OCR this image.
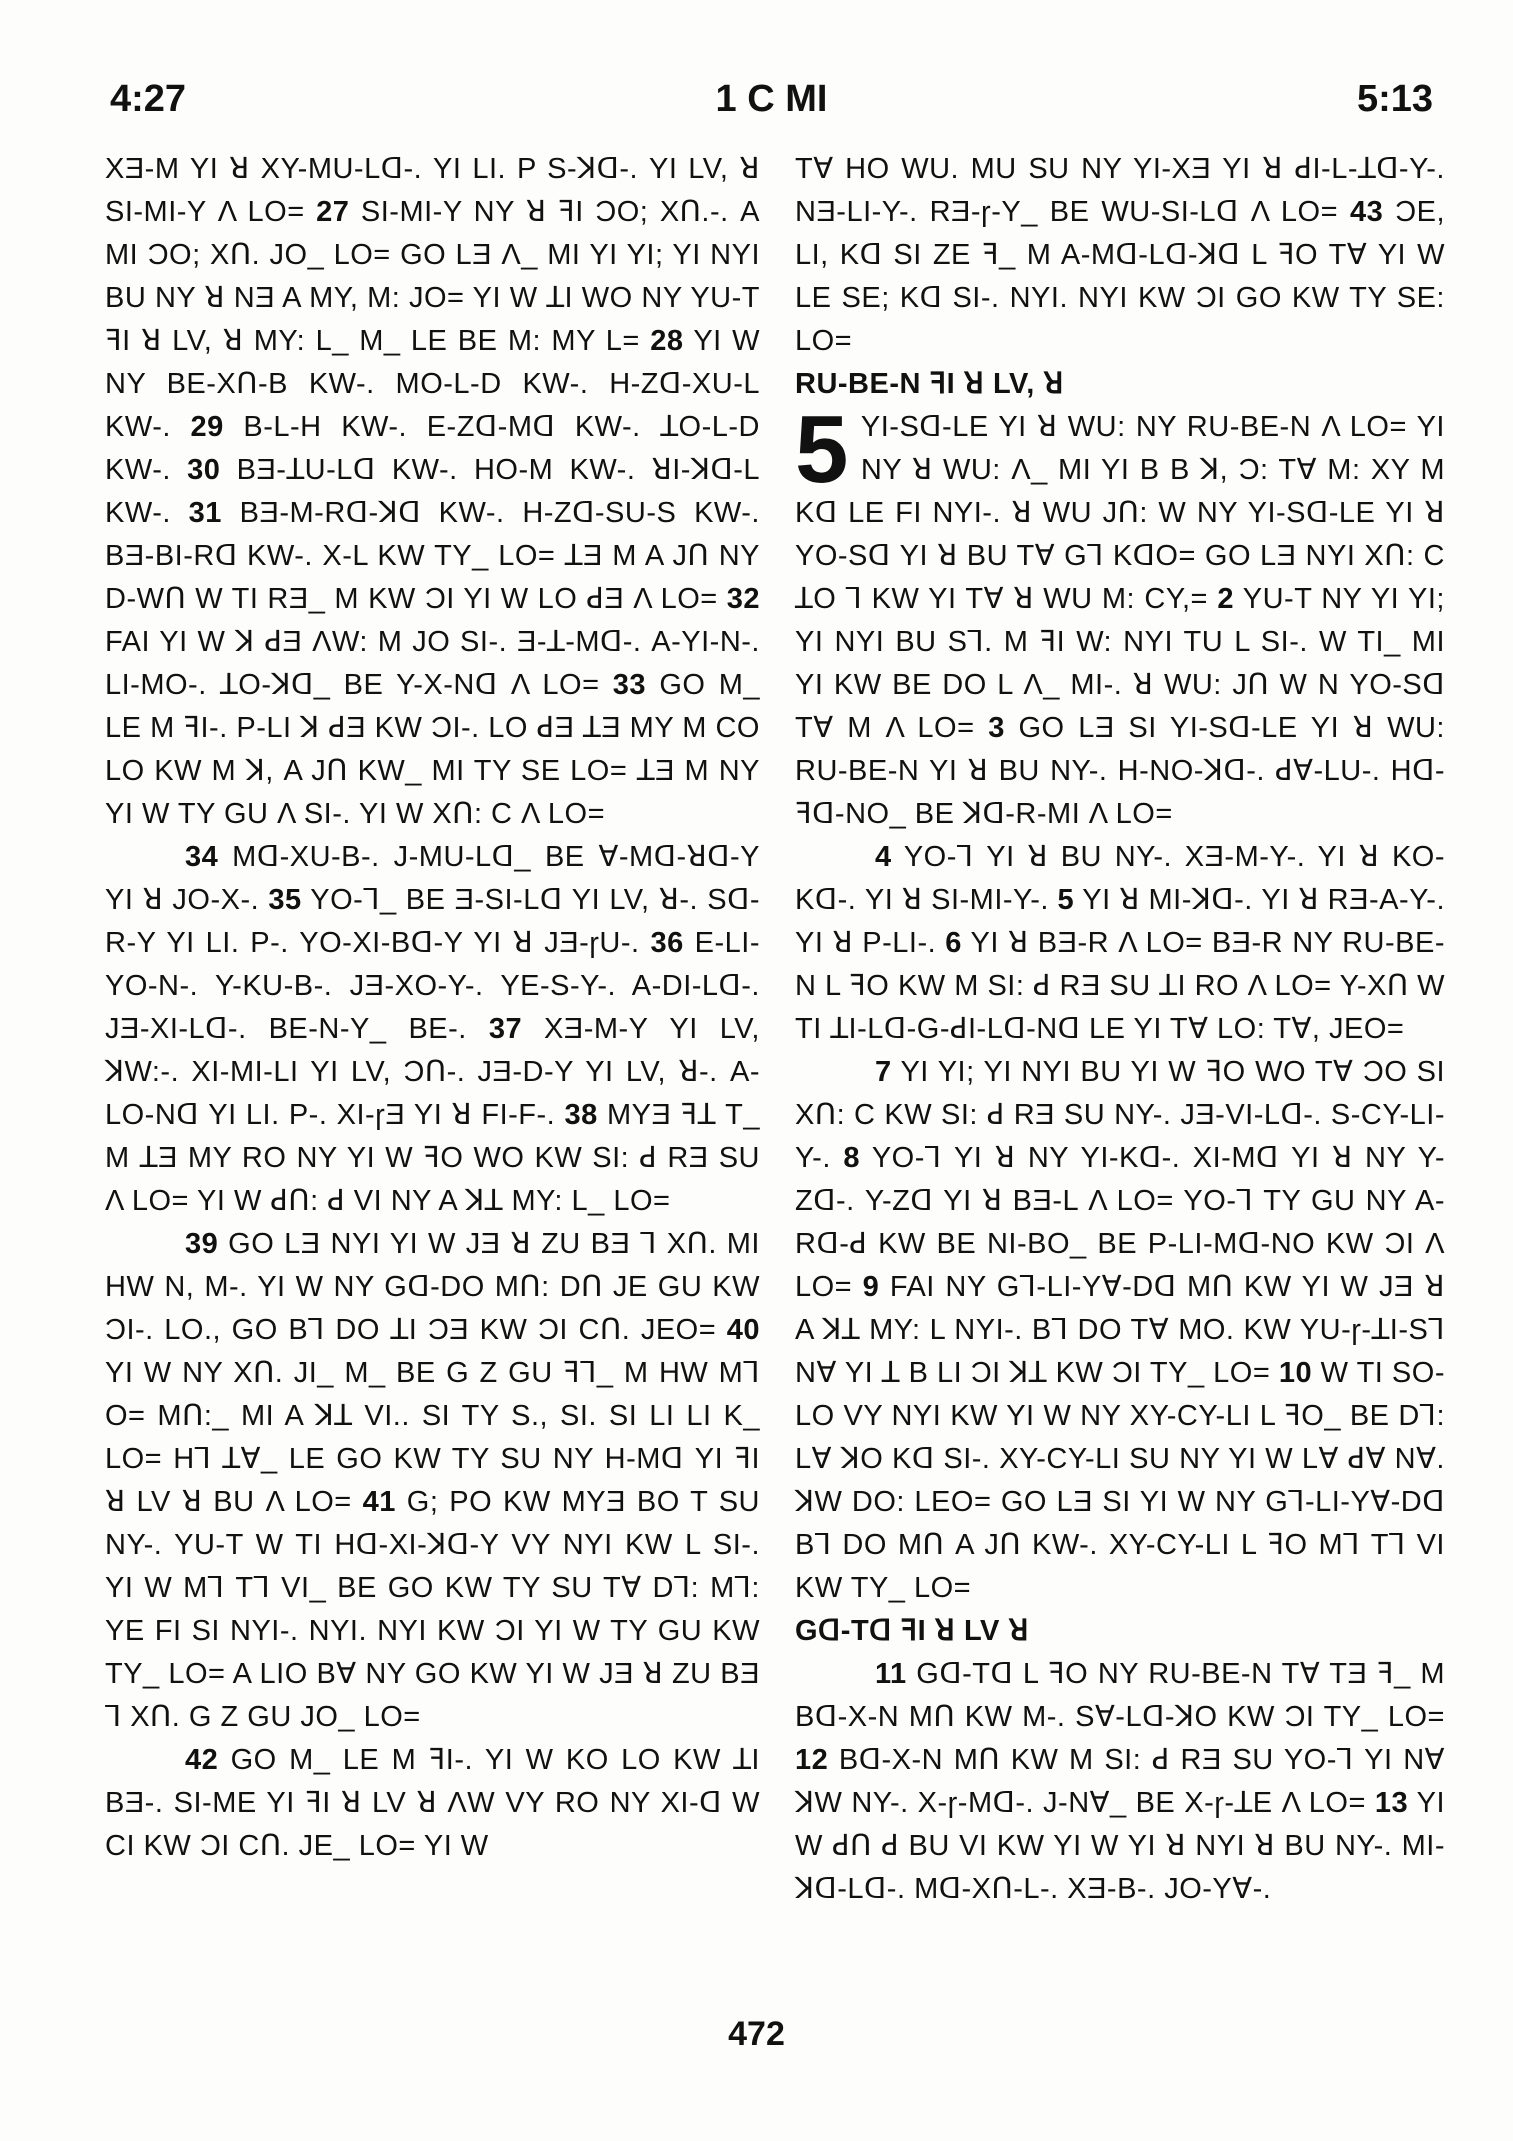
4:27	1 C MI	5:13

XƎ-M YI ꓤ XY-MU-Lꓷ-. YI LI. P S-ꓘꓷ-. YI LV, ꓤ SI-MI-Y Λ LO= 27 SI-MI-Y NY ꓤ ꟻI ƆO; XՈ.-. A MI ƆO; XՈ. JO_ LO= GO LƎ Λ_ MI YI YI; YI NYI BU NY ꓤ NƎ A MY, M: JO= YI W ꓕI WO NY YU-T ꟻI ꓤ LV, ꓤ MY: L_ M_ LE BE M: MY L= 28 YI W NY BE-XՈ-B KW-. MO-L-D KW-. H-Zꓷ-XU-L KW-. 29 B-L-H KW-. E-Zꓷ-Mꓷ KW-. ꓕO-L-D KW-. 30 BƎ-ꓕU-Lꓷ KW-. HO-M KW-. ꓤI-ꓘꓷ-L KW-. 31 BƎ-M-Rꓷ-ꓘꓷ KW-. H-Zꓷ-SU-S KW-. BƎ-BI-Rꓷ KW-. X-L KW TY_ LO= ꓕƎ M A JՈ NY D-WՈ W TI RƎ_ M KW ƆI YI W LO ꓒƎ Λ LO= 32 FAI YI W ꓘ ꓒƎ ΛW: M JO SI-. Ǝ-ꓕ-Mꓷ-. A-YI-N-. LI-MO-. ꓕO-ꓘꓷ_ BE Y-X-Nꓷ Λ LO= 33 GO M_ LE M ꟻI-. P-LI ꓘ ꓒƎ KW ƆI-. LO ꓒƎ ꓕƎ MY M CO LO KW M ꓘ, A JՈ KW_ MI TY SE LO= ꓕƎ M NY YI W TY GU Λ SI-. YI W XՈ: C Λ LO=

34 Mꓷ-XU-B-. J-MU-Lꓷ_ BE ∀-Mꓷ-ꓤꓷ-Y YI ꓤ JO-X-. 35 YO-ꓶ_ BE Ǝ-SI-Lꓷ YI LV, ꓤ-. Sꓷ-R-Y YI LI. P-. YO-XI-Bꓷ-Y YI ꓤ JƎ-ɼU-. 36 E-LI-YO-N-. Y-KU-B-. JƎ-XO-Y-. YE-S-Y-. A-DI-Lꓷ-. JƎ-XI-Lꓷ-. BE-N-Y_ BE-. 37 XƎ-M-Y YI LV, ꓘW:-. XI-MI-LI YI LV, ƆՈ-. JƎ-D-Y YI LV, ꓤ-. A-LO-Nꓷ YI LI. P-. XI-ɼƎ YI ꓤ FI-F-. 38 MYƎ ꟻꓕ T_ M ꓕƎ MY RO NY YI W ꟻO WO KW SI: ꓒ RƎ SU Λ LO= YI W ꓒՈ: ꓒ VI NY A ꓘꓕ MY: L_ LO=

39 GO LƎ NYI YI W JƎ ꓤ ZU BƎ ꓶ XՈ. MI HW N, M-. YI W NY Gꓷ-DO MՈ: DՈ JE GU KW ƆI-. LO., GO Bꓶ DO ꓕI ƆƎ KW ƆI CՈ. JEO= 40 YI W NY XՈ. JI_ M_ BE G Z GU ꟻꓶ_ M HW Mꓶ O= MՈ:_ MI A ꓘꓕ VI.. SI TY S., SI. SI LI LI K_ LO= Hꓶ ꓕ∀_ LE GO KW TY SU NY H-Mꓷ YI ꟻI ꓤ LV ꓤ BU Λ LO= 41 G; PO KW MYƎ BO T SU NY-. YU-T W TI Hꓷ-XI-ꓘꓷ-Y VY NYI KW L SI-. YI W Mꓶ Tꓶ VI_ BE GO KW TY SU T∀ Dꓶ: Mꓶ: YE FI SI NYI-. NYI. NYI KW ƆI YI W TY GU KW TY_ LO= A LIO B∀ NY GO KW YI W JƎ ꓤ ZU BƎ ꓶ XՈ. G Z GU JO_ LO=

42 GO M_ LE M ꟻI-. YI W KO LO KW ꓕI BƎ-. SI-ME YI ꟻI ꓤ LV ꓤ ΛW VY RO NY XI-ꓷ W CI KW ƆI CՈ. JE_ LO= YI W

T∀ HO WU. MU SU NY YI-XƎ YI ꓤ ꓒI-L-ꓕꓷ-Y-. NƎ-LI-Y-. RƎ-ɼ-Y_ BE WU-SI-Lꓷ Λ LO= 43 ƆE, LI, Kꓷ SI ZE ꟻ_ M A-Mꓷ-Lꓷ-ꓘꓷ L ꟻO T∀ YI W LE SE; Kꓷ SI-. NYI. NYI KW ƆI GO KW TY SE: LO=

RU-BE-N ꟻI ꓤ LV, ꓤ

5 YI-Sꓷ-LE YI ꓤ WU: NY RU-BE-N Λ LO= YI NY ꓤ WU: Λ_ MI YI B B ꓘ, Ɔ: T∀ M: XY M Kꓷ LE FI NYI-. ꓤ WU JՈ: W NY YI-Sꓷ-LE YI ꓤ YO-Sꓷ YI ꓤ BU T∀ Gꓶ KꓷO= GO LƎ NYI XՈ: C ꓕO ꓶ KW YI T∀ ꓤ WU M: CY,= 2 YU-T NY YI YI; YI NYI BU Sꓶ. M ꟻI W: NYI TU L SI-. W TI_ MI YI KW BE DO L Λ_ MI-. ꓤ WU: JՈ W N YO-Sꓷ T∀ M Λ LO= 3 GO LƎ SI YI-Sꓷ-LE YI ꓤ WU: RU-BE-N YI ꓤ BU NY-. H-NO-ꓘꓷ-. ꓒ∀-LU-. Hꓷ-ꟻꓷ-NO_ BE ꓘꓷ-R-MI Λ LO=

4 YO-ꓶ YI ꓤ BU NY-. XƎ-M-Y-. YI ꓤ KO-Kꓷ-. YI ꓤ SI-MI-Y-. 5 YI ꓤ MI-ꓘꓷ-. YI ꓤ RƎ-A-Y-. YI ꓤ P-LI-. 6 YI ꓤ BƎ-R Λ LO= BƎ-R NY RU-BE-N L ꟻO KW M SI: ꓒ RƎ SU ꓕI RO Λ LO= Y-XՈ W TI ꓕI-Lꓷ-G-ꓒI-Lꓷ-Nꓷ LE YI T∀ LO: T∀, JEO=

7 YI YI; YI NYI BU YI W ꟻO WO T∀ ƆO SI XՈ: C KW SI: ꓒ RƎ SU NY-. JƎ-VI-Lꓷ-. S-CY-LI-Y-. 8 YO-ꓶ YI ꓤ NY YI-Kꓷ-. XI-Mꓷ YI ꓤ NY Y-Zꓷ-. Y-Zꓷ YI ꓤ BƎ-L Λ LO= YO-ꓶ TY GU NY A-Rꓷ-ꓒ KW BE NI-BO_ BE P-LI-Mꓷ-NO KW ƆI Λ LO= 9 FAI NY Gꓶ-LI-Y∀-Dꓷ MՈ KW YI W JƎ ꓤ A ꓘꓕ MY: L NYI-. Bꓶ DO T∀ MO. KW YU-ɼ-ꓕI-Sꓶ N∀ YI ꓕ B LI ƆI ꓘꓕ KW ƆI TY_ LO= 10 W TI SO-LO VY NYI KW YI W NY XY-CY-LI L ꟻO_ BE Dꓶ: L∀ ꓘO Kꓷ SI-. XY-CY-LI SU NY YI W L∀ ꓒ∀ N∀. ꓘW DO: LEO= GO LƎ SI YI W NY Gꓶ-LI-Y∀-Dꓷ Bꓶ DO MՈ A JՈ KW-. XY-CY-LI L ꟻO Mꓶ Tꓶ VI KW TY_ LO=

Gꓷ-Tꓷ ꟻI ꓤ LV ꓤ

11 Gꓷ-Tꓷ L ꟻO NY RU-BE-N T∀ TƎ ꟻ_ M Bꓷ-X-N MՈ KW M-. S∀-Lꓷ-ꓘO KW ƆI TY_ LO= 12 Bꓷ-X-N MՈ KW M SI: ꓒ RƎ SU YO-ꓶ YI N∀ ꓘW NY-. X-ɼ-Mꓷ-. J-N∀_ BE X-ɼ-ꓕE Λ LO= 13 YI W ꓒՈ ꓒ BU VI KW YI W YI ꓤ NYI ꓤ BU NY-. MI-ꓘꓷ-Lꓷ-. Mꓷ-XՈ-L-. XƎ-B-. JO-Y∀-.

472
